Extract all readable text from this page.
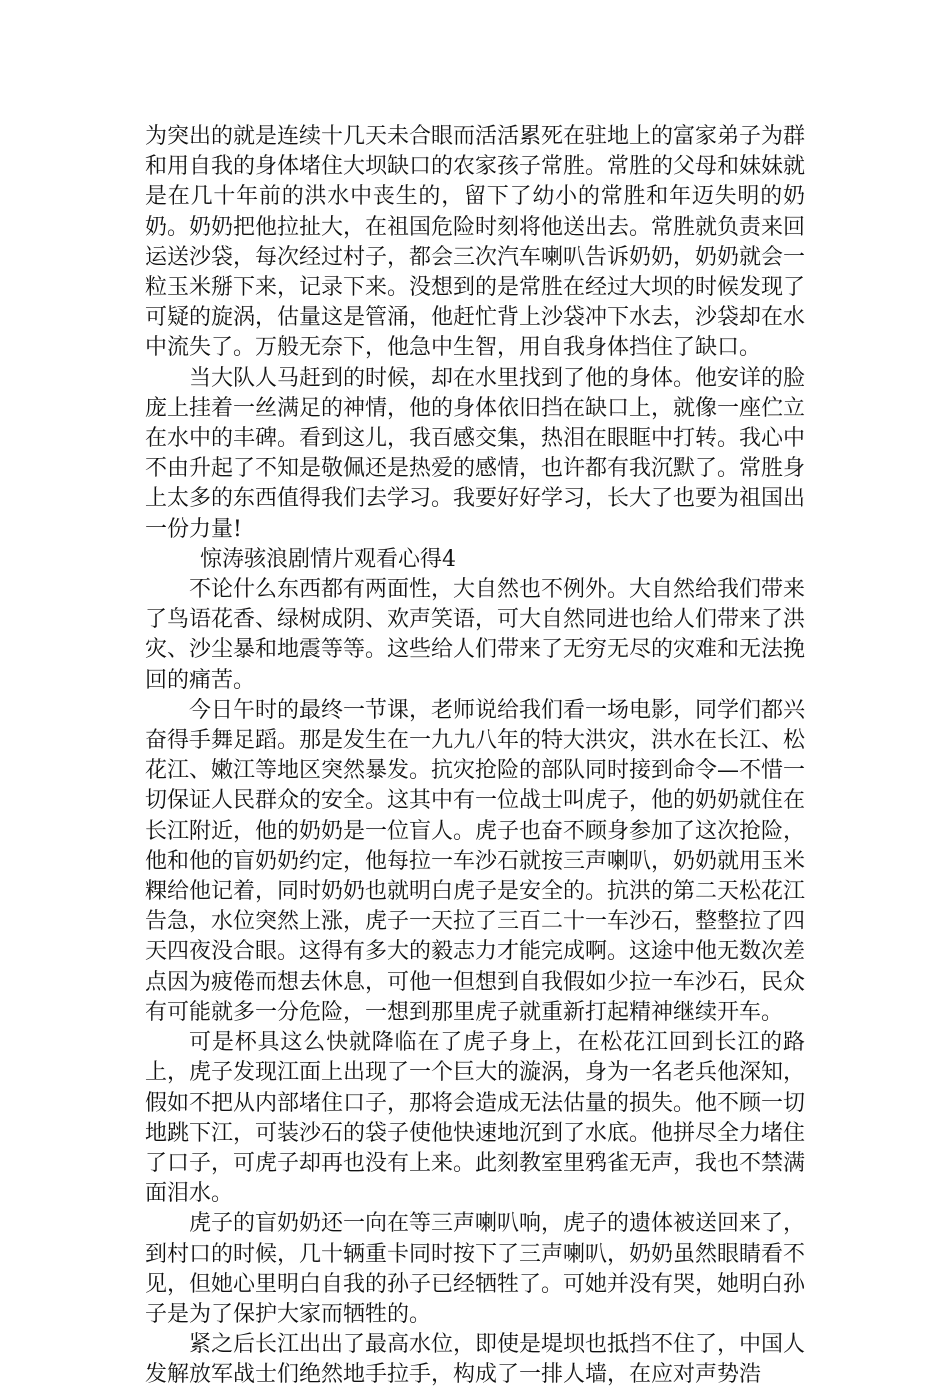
为突出的就是连续十几天未合眼而活活累死在驻地上的富家弟子为群和用自我的身体堵住大坝缺口的农家孩子常胜。常胜的父母和妹妹就是在几十年前的洪水中丧生的，留下了幼小的常胜和年迈失明的奶奶。奶奶把他拉扯大，在祖国危险时刻将他送出去。常胜就负责来回运送沙袋，每次经过村子，都会三次汽车喇叭告诉奶奶，奶奶就会一粒玉米掰下来，记录下来。没想到的是常胜在经过大坝的时候发现了可疑的旋涡，估量这是管涌，他赶忙背上沙袋冲下水去，沙袋却在水中流失了。万般无奈下，他急中生智，用自我身体挡住了缺口。

当大队人马赶到的时候，却在水里找到了他的身体。他安详的脸庞上挂着一丝满足的神情，他的身体依旧挡在缺口上，就像一座伫立在水中的丰碑。看到这儿，我百感交集，热泪在眼眶中打转。我心中不由升起了不知是敬佩还是热爱的感情，也许都有我沉默了。常胜身上太多的东西值得我们去学习。我要好好学习，长大了也要为祖国出一份力量!

惊涛骇浪剧情片观看心得4

不论什么东西都有两面性，大自然也不例外。大自然给我们带来了鸟语花香、绿树成阴、欢声笑语，可大自然同进也给人们带来了洪灾、沙尘暴和地震等等。这些给人们带来了无穷无尽的灾难和无法挽回的痛苦。

今日午时的最终一节课，老师说给我们看一场电影，同学们都兴奋得手舞足蹈。那是发生在一九九八年的特大洪灾，洪水在长江、松花江、嫩江等地区突然暴发。抗灾抢险的部队同时接到命令—不惜一切保证人民群众的安全。这其中有一位战士叫虎子，他的奶奶就住在长江附近，他的奶奶是一位盲人。虎子也奋不顾身参加了这次抢险，他和他的盲奶奶约定，他每拉一车沙石就按三声喇叭，奶奶就用玉米粿给他记着，同时奶奶也就明白虎子是安全的。抗洪的第二天松花江告急，水位突然上涨，虎子一天拉了三百二十一车沙石，整整拉了四天四夜没合眼。这得有多大的毅志力才能完成啊。这途中他无数次差点因为疲倦而想去休息，可他一但想到自我假如少拉一车沙石，民众有可能就多一分危险，一想到那里虎子就重新打起精神继续开车。

可是杯具这么快就降临在了虎子身上，在松花江回到长江的路上，虎子发现江面上出现了一个巨大的漩涡，身为一名老兵他深知，假如不把从内部堵住口子，那将会造成无法估量的损失。他不顾一切地跳下江，可装沙石的袋子使他快速地沉到了水底。他拼尽全力堵住了口子，可虎子却再也没有上来。此刻教室里鸦雀无声，我也不禁满面泪水。

虎子的盲奶奶还一向在等三声喇叭响，虎子的遗体被送回来了，到村口的时候，几十辆重卡同时按下了三声喇叭，奶奶虽然眼睛看不见，但她心里明白自我的孙子已经牺牲了。可她并没有哭，她明白孙子是为了保护大家而牺牲的。

紧之后长江出出了最高水位，即使是堤坝也抵挡不住了，中国人发解放军战士们绝然地手拉手，构成了一排人墙，在应对声势浩
